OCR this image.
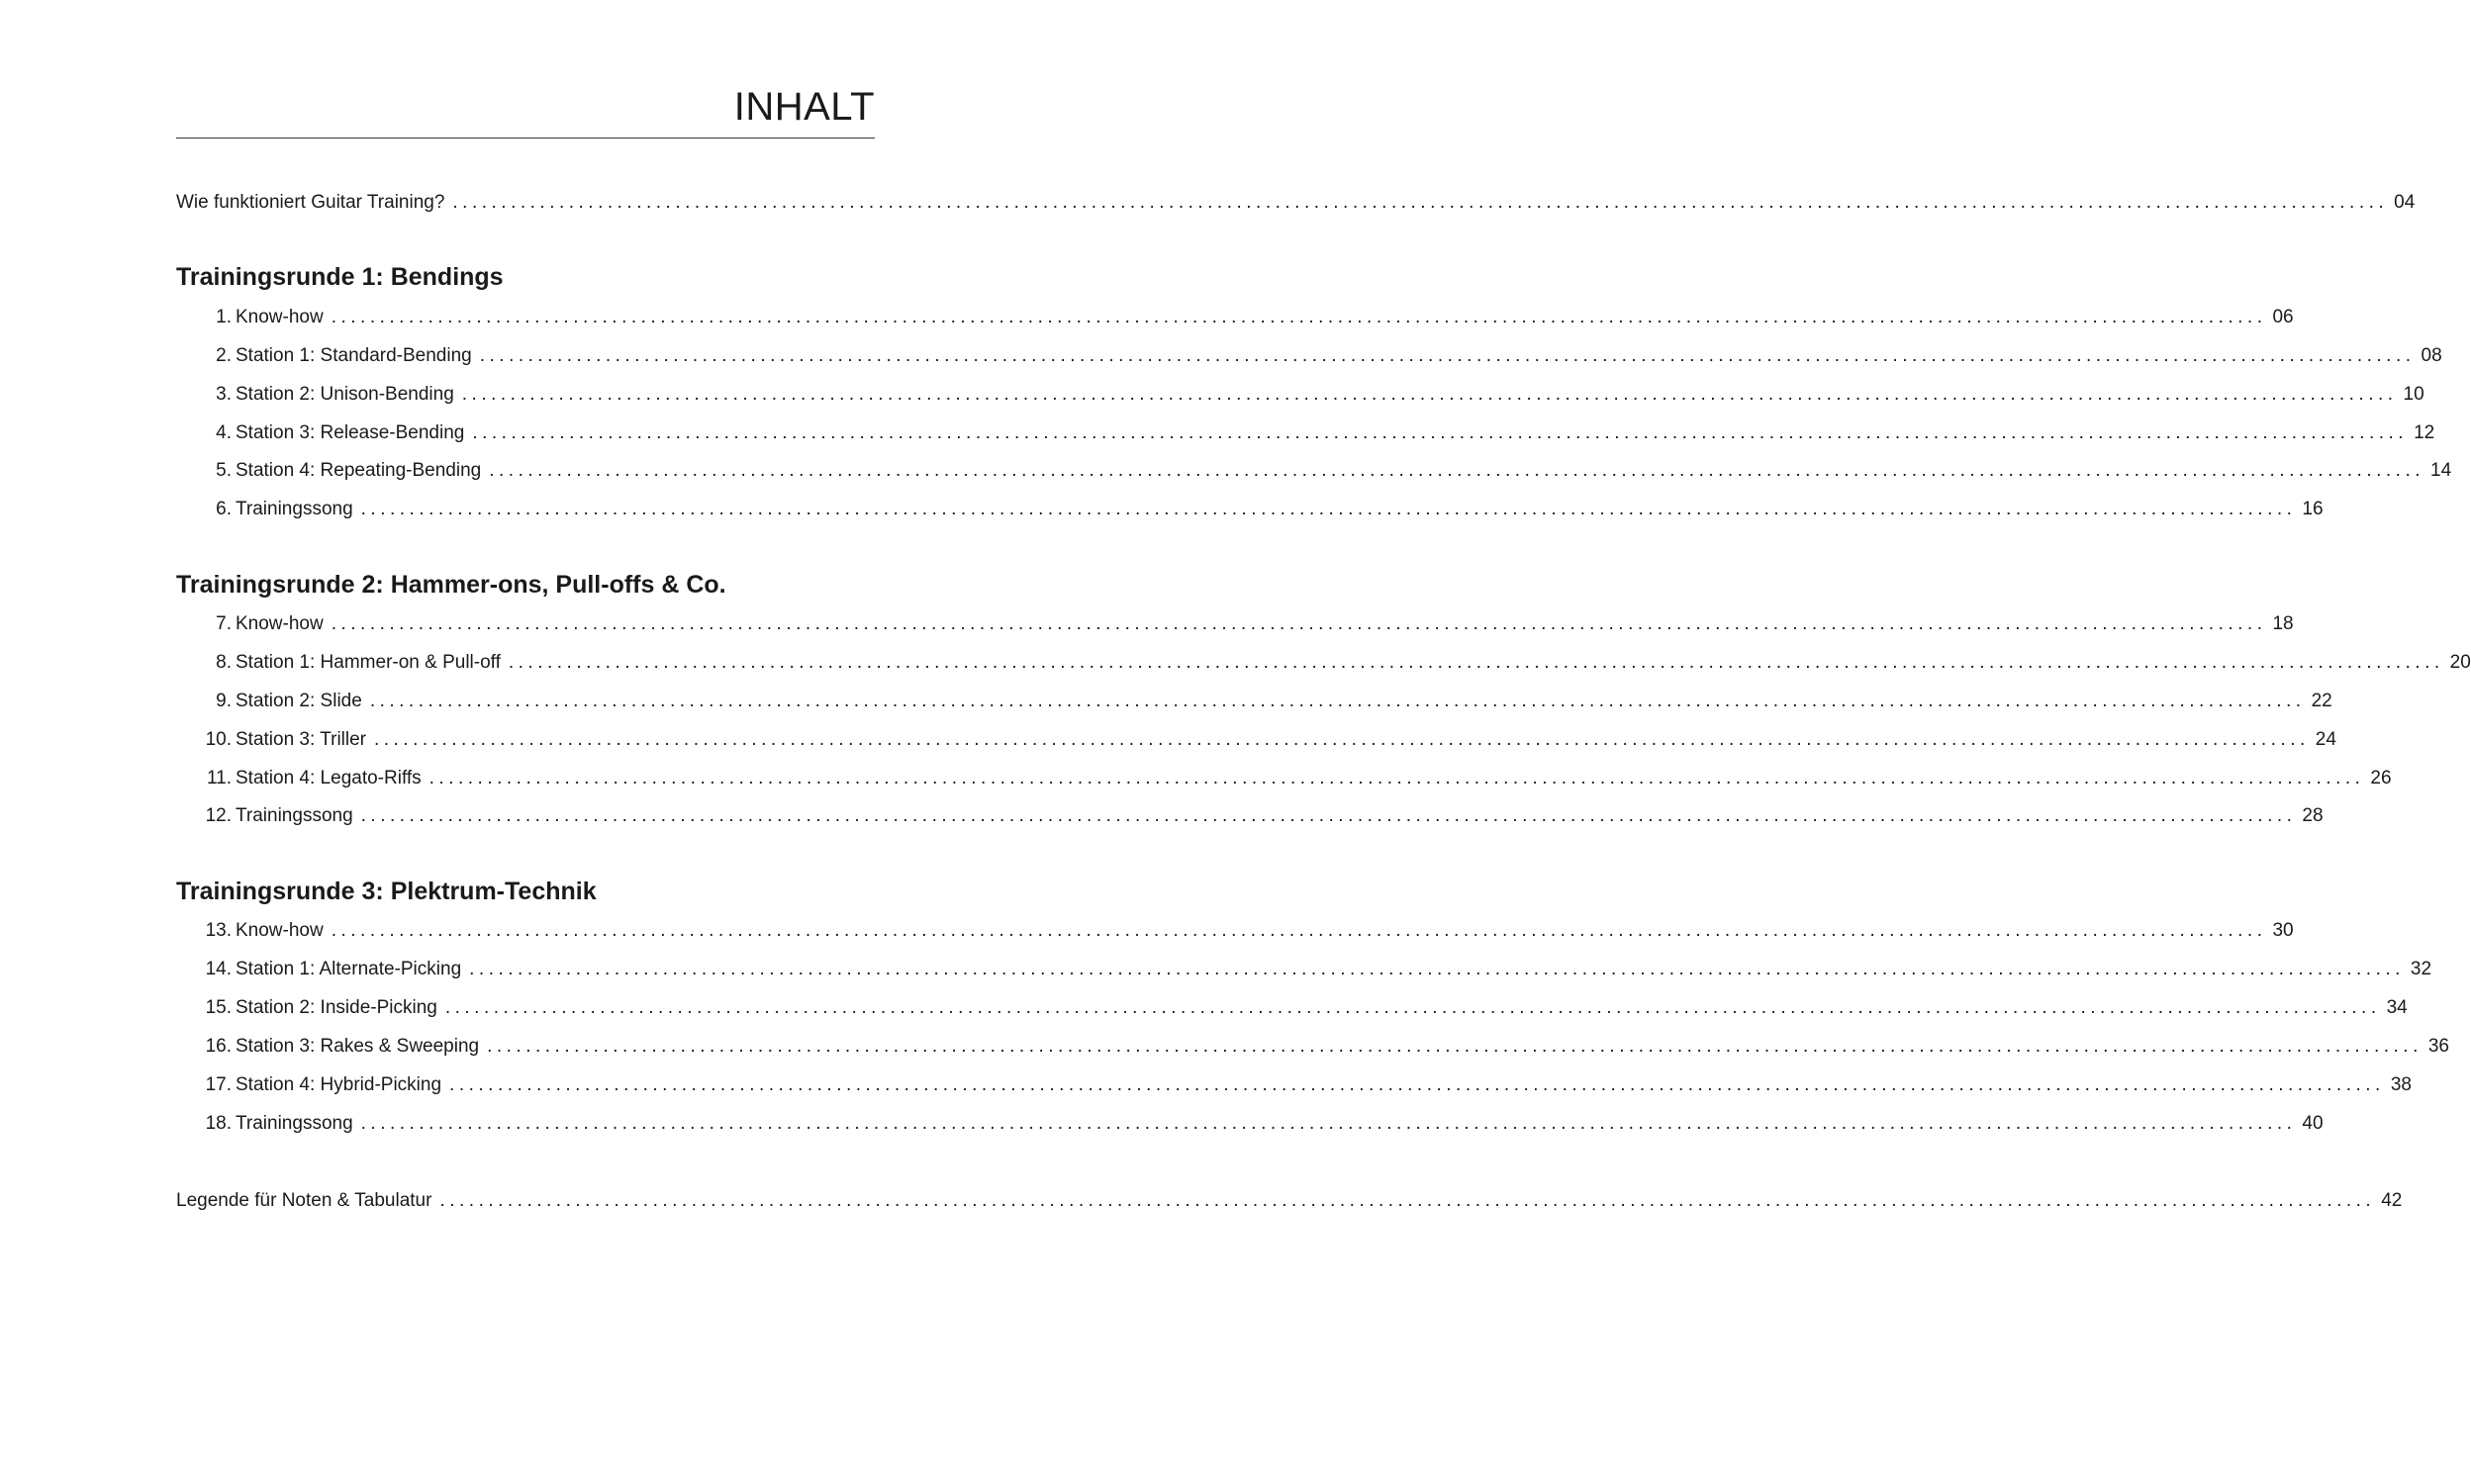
INHALT
Wie funktioniert Guitar Training? ........................................................................................................................................................................................................ 04
Trainingsrunde 1: Bendings
1. Know-how ........................................................................................................................................................................................................ 06
2. Station 1: Standard-Bending ........................................................................................................................................................................................................ 08
3. Station 2: Unison-Bending ........................................................................................................................................................................................................ 10
4. Station 3: Release-Bending ........................................................................................................................................................................................................ 12
5. Station 4: Repeating-Bending ........................................................................................................................................................................................................ 14
6. Trainingssong ........................................................................................................................................................................................................ 16
Trainingsrunde 2: Hammer-ons, Pull-offs & Co.
7. Know-how ........................................................................................................................................................................................................ 18
8. Station 1: Hammer-on & Pull-off ........................................................................................................................................................................................................ 20
9. Station 2: Slide ........................................................................................................................................................................................................ 22
10. Station 3: Triller ........................................................................................................................................................................................................ 24
11. Station 4: Legato-Riffs ........................................................................................................................................................................................................ 26
12. Trainingssong ........................................................................................................................................................................................................ 28
Trainingsrunde 3: Plektrum-Technik
13. Know-how ........................................................................................................................................................................................................ 30
14. Station 1: Alternate-Picking ........................................................................................................................................................................................................ 32
15. Station 2: Inside-Picking ........................................................................................................................................................................................................ 34
16. Station 3: Rakes & Sweeping ........................................................................................................................................................................................................ 36
17. Station 4: Hybrid-Picking ........................................................................................................................................................................................................ 38
18. Trainingssong ........................................................................................................................................................................................................ 40
Legende für Noten & Tabulatur ........................................................................................................................................................................................................ 42
